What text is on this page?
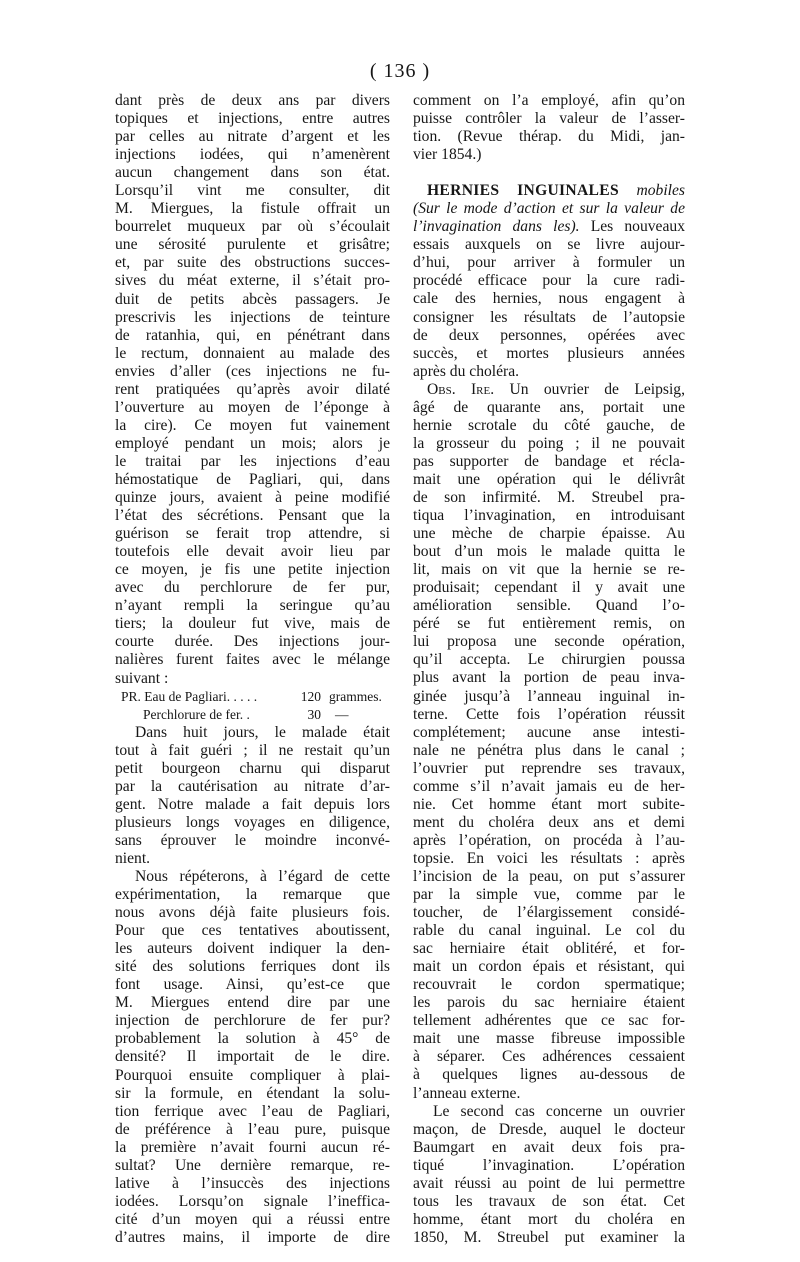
( 136 )
dant près de deux ans par divers
topiques et injections, entre autres
par celles au nitrate d’argent et les
injections iodées, qui n’amenèrent
aucun changement dans son état.
Lorsqu’il vint me consulter, dit
M. Miergues, la fistule offrait un
bourrelet muqueux par où s’écoulait
une sérosité purulente et grisâtre;
et, par suite des obstructions succes-
sives du méat externe, il s’était pro-
duit de petits abcès passagers. Je
prescrivis les injections de teinture
de ratanhia, qui, en pénétrant dans
le rectum, donnaient au malade des
envies d’aller (ces injections ne fu-
rent pratiquées qu’après avoir dilaté
l’ouverture au moyen de l’éponge à
la cire). Ce moyen fut vainement
employé pendant un mois; alors je
le traitai par les injections d’eau
hémostatique de Pagliari, qui, dans
quinze jours, avaient à peine modifié
l’état des sécrétions. Pensant que la
guérison se ferait trop attendre, si
toutefois elle devait avoir lieu par
ce moyen, je fis une petite injection
avec du perchlorure de fer pur,
n’ayant rempli la seringue qu’au
tiers; la douleur fut vive, mais de
courte durée. Des injections jour-
nalières furent faites avec le mélange
suivant :
PR. Eau de Pagliari. . . . .	120 grammes.
Perchlorure de fer. .	30	—
Dans huit jours, le malade était
tout à fait guéri ; il ne restait qu’un
petit bourgeon charnu qui disparut
par la cautérisation au nitrate d’ar-
gent. Notre malade a fait depuis lors
plusieurs longs voyages en diligence,
sans éprouver le moindre inconvé-
nient.
Nous répéterons, à l’égard de cette
expérimentation, la remarque que
nous avons déjà faite plusieurs fois.
Pour que ces tentatives aboutissent,
les auteurs doivent indiquer la den-
sité des solutions ferriques dont ils
font usage. Ainsi, qu’est-ce que
M. Miergues entend dire par une
injection de perchlorure de fer pur?
probablement la solution à 45° de
densité? Il importait de le dire.
Pourquoi ensuite compliquer à plai-
sir la formule, en étendant la solu-
tion ferrique avec l’eau de Pagliari,
de préférence à l’eau pure, puisque
la première n’avait fourni aucun ré-
sultat? Une dernière remarque, re-
lative à l’insuccès des injections
iodées. Lorsqu’on signale l’ineffica-
cité d’un moyen qui a réussi entre
d’autres mains, il importe de dire
comment on l’a employé, afin qu’on
puisse contrôler la valeur de l’asser-
tion. (Revue thérap. du Midi, jan-
vier 1854.)
HERNIES INGUINALES mobiles
(Sur le mode d’action et sur la valeur de
l’invagination dans les). Les nouveaux
essais auxquels on se livre aujour-
d’hui, pour arriver à formuler un
procédé efficace pour la cure radi-
cale des hernies, nous engagent à
consigner les résultats de l’autopsie
de deux personnes, opérées avec
succès, et mortes plusieurs années
après du choléra.
Obs. Ire. Un ouvrier de Leipsig,
âgé de quarante ans, portait une
hernie scrotale du côté gauche, de
la grosseur du poing ; il ne pouvait
pas supporter de bandage et récla-
mait une opération qui le délivrât
de son infirmité. M. Streubel pra-
tiqua l’invagination, en introduisant
une mèche de charpie épaisse. Au
bout d’un mois le malade quitta le
lit, mais on vit que la hernie se re-
produisait; cependant il y avait une
amélioration sensible. Quand l’o-
péré se fut entièrement remis, on
lui proposa une seconde opération,
qu’il accepta. Le chirurgien poussa
plus avant la portion de peau inva-
ginée jusqu’à l’anneau inguinal in-
terne. Cette fois l’opération réussit
complétement; aucune anse intesti-
nale ne pénétra plus dans le canal ;
l’ouvrier put reprendre ses travaux,
comme s’il n’avait jamais eu de her-
nie. Cet homme étant mort subite-
ment du choléra deux ans et demi
après l’opération, on procéda à l’au-
topsie. En voici les résultats : après
l’incision de la peau, on put s’assurer
par la simple vue, comme par le
toucher, de l’élargissement considé-
rable du canal inguinal. Le col du
sac herniaire était oblitéré, et for-
mait un cordon épais et résistant, qui
recouvrait le cordon spermatique;
les parois du sac herniaire étaient
tellement adhérentes que ce sac for-
mait une masse fibreuse impossible
à séparer. Ces adhérences cessaient
à quelques lignes au-dessous de
l’anneau externe.
Le second cas concerne un ouvrier
maçon, de Dresde, auquel le docteur
Baumgart en avait deux fois pra-
tiqué l’invagination. L’opération
avait réussi au point de lui permettre
tous les travaux de son état. Cet
homme, étant mort du choléra en
1850, M. Streubel put examiner la
